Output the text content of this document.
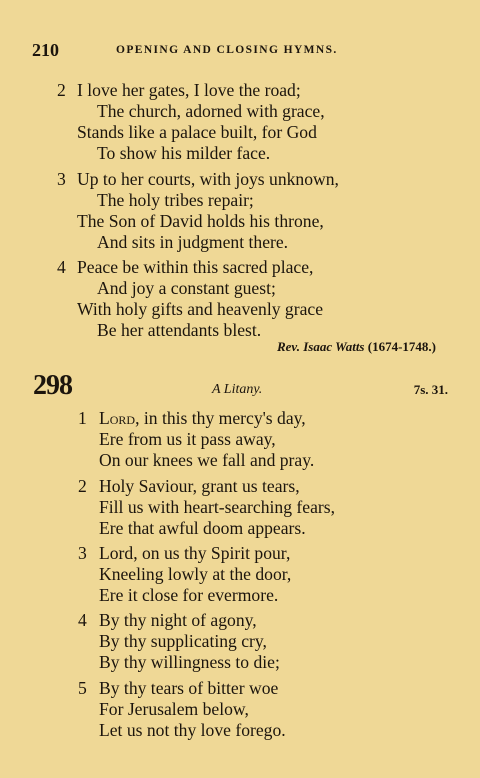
210	OPENING AND CLOSING HYMNS.
2 I love her gates, I love the road;
The church, adorned with grace,
Stands like a palace built, for God
To show his milder face.
3 Up to her courts, with joys unknown,
The holy tribes repair;
The Son of David holds his throne,
And sits in judgment there.
4 Peace be within this sacred place,
And joy a constant guest;
With holy gifts and heavenly grace
Be her attendants blest.
Rev. Isaac Watts (1674-1748.)
298	A Litany.	7s. 31.
1 Lord, in this thy mercy's day,
Ere from us it pass away,
On our knees we fall and pray.
2 Holy Saviour, grant us tears,
Fill us with heart-searching fears,
Ere that awful doom appears.
3 Lord, on us thy Spirit pour,
Kneeling lowly at the door,
Ere it close for evermore.
4 By thy night of agony,
By thy supplicating cry,
By thy willingness to die;
5 By thy tears of bitter woe
For Jerusalem below,
Let us not thy love forego.
